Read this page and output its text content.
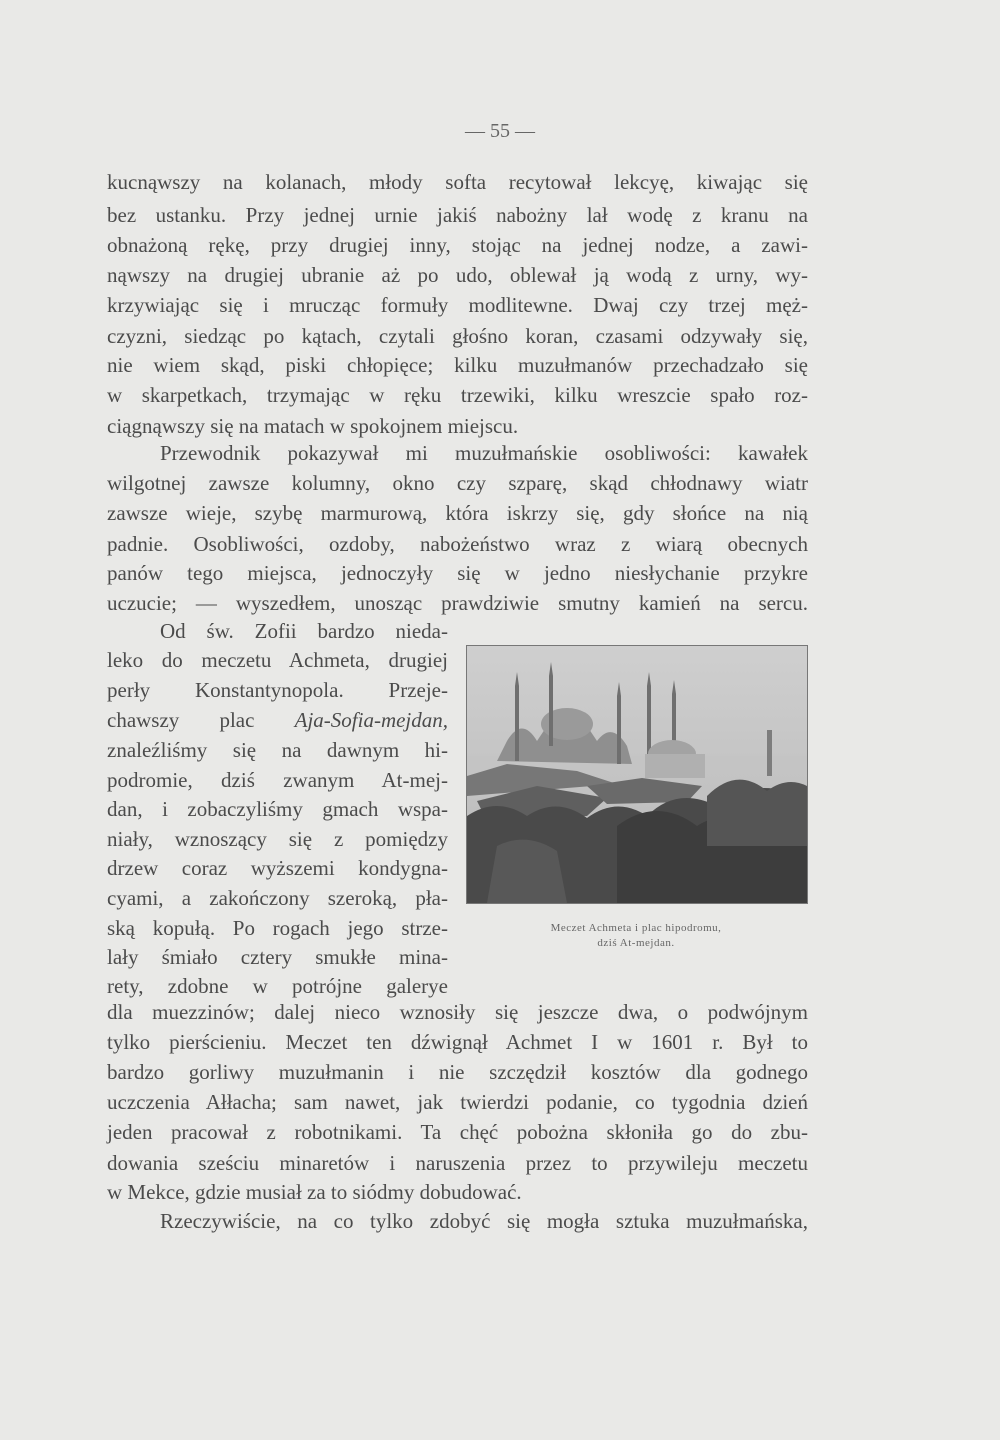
— 55 —
kucnąwszy na kolanach, młody softa recytował lekcyę, kiwając się
bez ustanku. Przy jednej urnie jakiś nabożny lał wodę z kranu na
obnażoną rękę, przy drugiej inny, stojąc na jednej nodze, a zawi-
nąwszy na drugiej ubranie aż po udo, oblewał ją wodą z urny, wy-
krzywiając się i mrucząc formuły modlitewne. Dwaj czy trzej męż-
czyzni, siedząc po kątach, czytali głośno koran, czasami odzywały się,
nie wiem skąd, piski chłopięce; kilku muzułmanów przechadzało się
w skarpetkach, trzymając w ręku trzewiki, kilku wreszcie spało roz-
ciągnąwszy się na matach w spokojnem miejscu.
Przewodnik pokazywał mi muzułmańskie osobliwości: kawałek
wilgotnej zawsze kolumny, okno czy szparę, skąd chłodnawy wiatr
zawsze wieje, szybę marmurową, która iskrzy się, gdy słońce na nią
padnie. Osobliwości, ozdoby, nabożeństwo wraz z wiarą obecnych
panów tego miejsca, jednoczyły się w jedno niesłychanie przykre
uczucie; — wyszedłem, unosząc prawdziwie smutny kamień na sercu.
Od św. Zofii bardzo nieda-
leko do meczetu Achmeta, drugiej
perły Konstantynopola. Przeje-
chawszy plac Aja-Sofia-mejdan,
znaleźliśmy się na dawnym hi-
podromie, dziś zwanym At-mej-
dan, i zobaczyliśmy gmach wspa-
niały, wznoszący się z pomiędzy
drzew coraz wyższemi kondygna-
cyami, a zakończony szeroką, pła-
ską kopułą. Po rogach jego strze-
lały śmiało cztery smukłe mina-
rety, zdobne w potrójne galerye
Meczet Achmeta i plac hipodromu,
dziś At-mejdan.
dla muezzinów; dalej nieco wznosiły się jeszcze dwa, o podwójnym
tylko pierścieniu. Meczet ten dźwignął Achmet I w 1601 r. Był to
bardzo gorliwy muzułmanin i nie szczędził kosztów dla godnego
uczczenia Ałłacha; sam nawet, jak twierdzi podanie, co tygodnia dzień
jeden pracował z robotnikami. Ta chęć pobożna skłoniła go do zbu-
dowania sześciu minaretów i naruszenia przez to przywileju meczetu
w Mekce, gdzie musiał za to siódmy dobudować.
Rzeczywiście, na co tylko zdobyć się mogła sztuka muzułmańska,
